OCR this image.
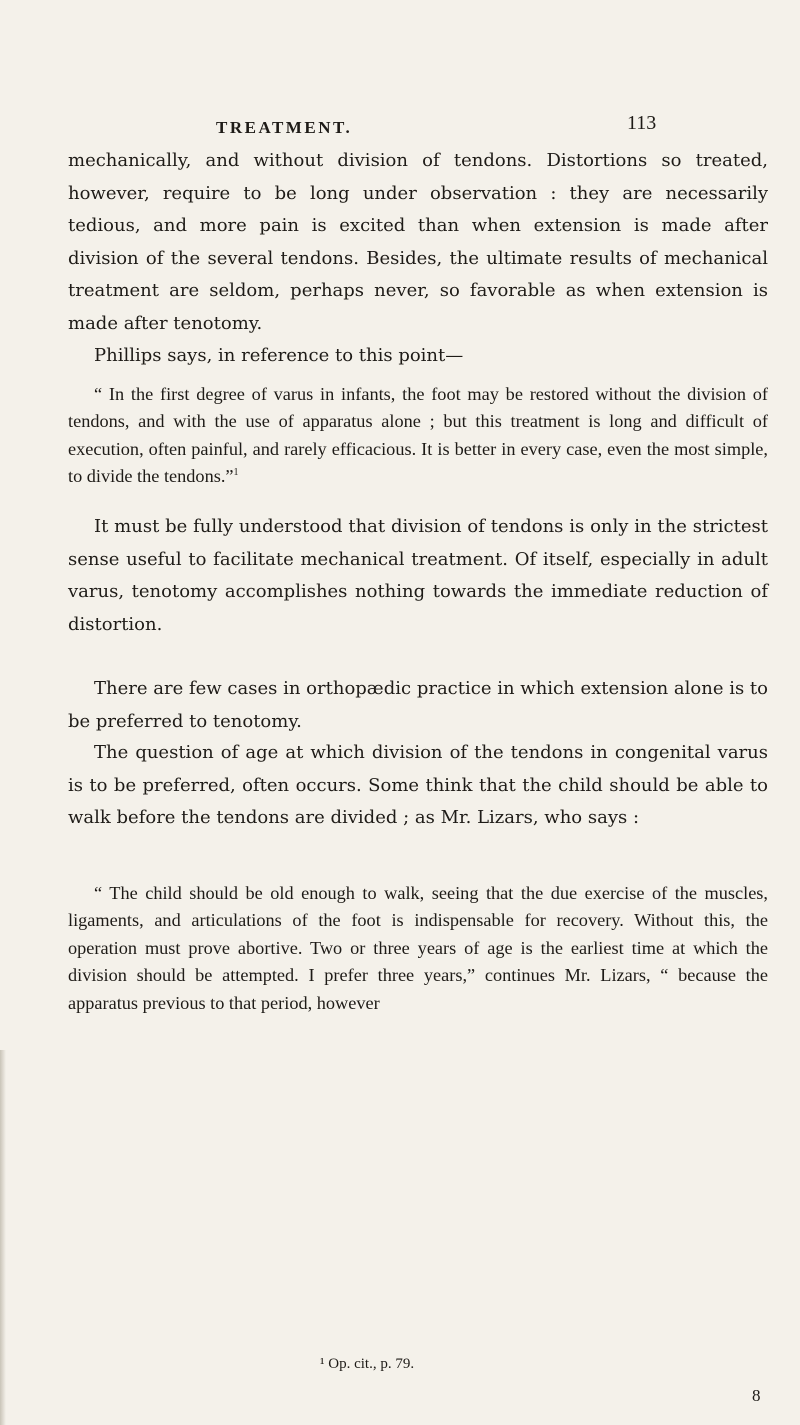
TREATMENT.	113

mechanically, and without division of tendons. Distortions so treated, however, require to be long under observation : they are necessarily tedious, and more pain is excited than when extension is made after division of the several tendons. Besides, the ultimate results of mechanical treatment are seldom, perhaps never, so favorable as when extension is made after tenotomy.

Phillips says, in reference to this point—

“ In the first degree of varus in infants, the foot may be restored without the division of tendons, and with the use of apparatus alone ; but this treatment is long and difficult of execution, often painful, and rarely efficacious. It is better in every case, even the most simple, to divide the tendons.”$^1$

It must be fully understood that division of tendons is only in the strictest sense useful to facilitate mechanical treatment. Of itself, especially in adult varus, tenotomy accomplishes nothing towards the immediate reduction of distortion.

There are few cases in orthopædic practice in which extension alone is to be preferred to tenotomy.

The question of age at which division of the tendons in congenital varus is to be preferred, often occurs. Some think that the child should be able to walk before the tendons are divided ; as Mr. Lizars, who says :

“ The child should be old enough to walk, seeing that the due exercise of the muscles, ligaments, and articulations of the foot is indispensable for recovery. Without this, the operation must prove abortive. Two or three years of age is the earliest time at which the division should be attempted. I prefer three years,” continues Mr. Lizars, “ because the apparatus previous to that period, however

¹ Op. cit., p. 79.
8
